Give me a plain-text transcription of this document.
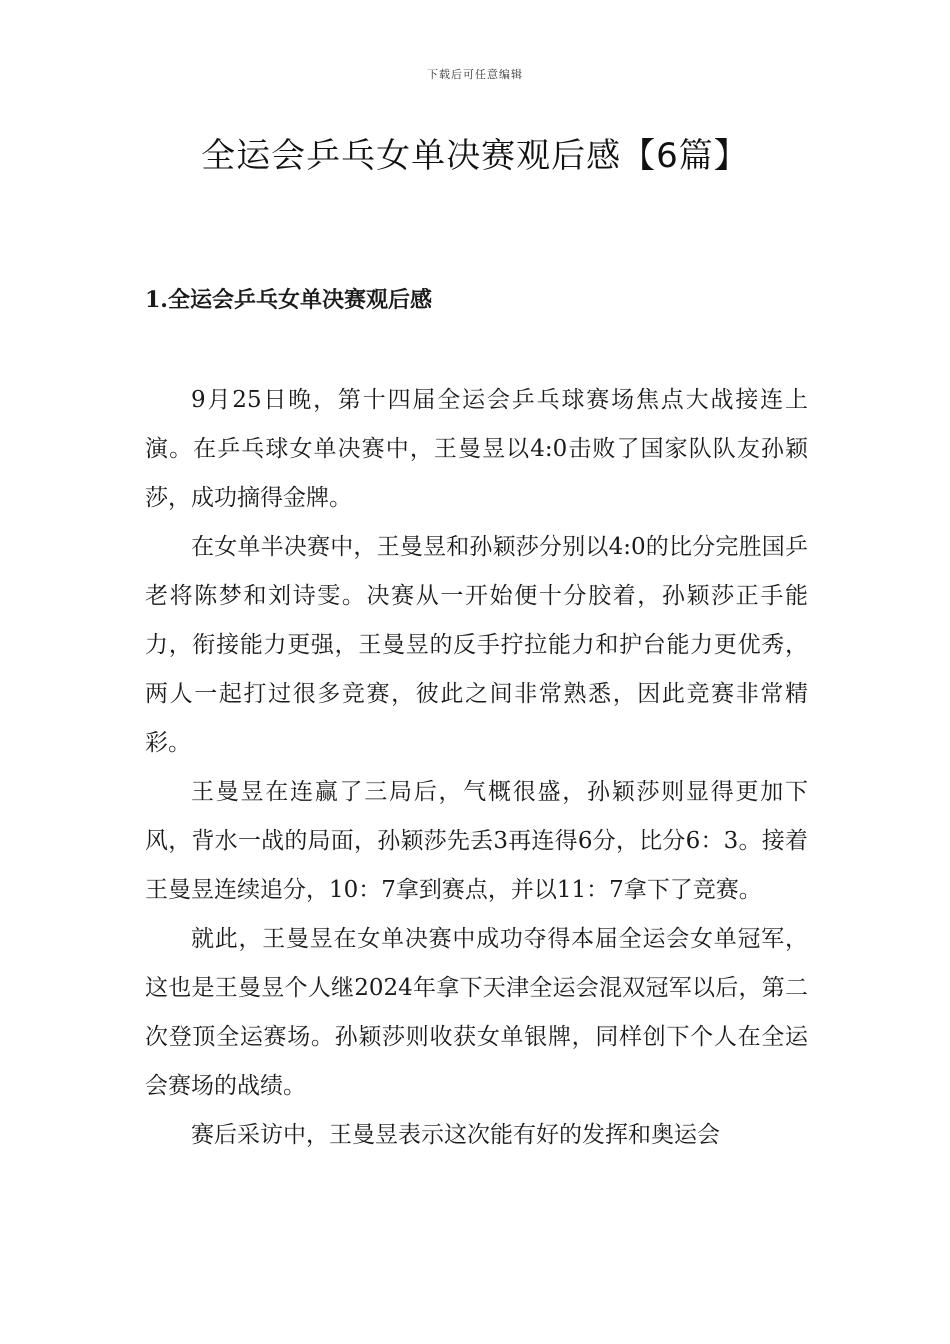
下载后可任意编辑
全运会乒乓女单决赛观后感【6篇】
1.全运会乒乓女单决赛观后感

9月25日晚，第十四届全运会乒乓球赛场焦点大战接连上演。在乒乓球女单决赛中，王曼昱以4:0击败了国家队队友孙颖莎，成功摘得金牌。

在女单半决赛中，王曼昱和孙颖莎分别以4:0的比分完胜国乒老将陈梦和刘诗雯。决赛从一开始便十分胶着，孙颖莎正手能力，衔接能力更强，王曼昱的反手拧拉能力和护台能力更优秀，两人一起打过很多竞赛，彼此之间非常熟悉，因此竞赛非常精彩。

王曼昱在连赢了三局后，气概很盛，孙颖莎则显得更加下风，背水一战的局面，孙颖莎先丢3再连得6分，比分6：3。接着王曼昱连续追分，10：7拿到赛点，并以11：7拿下了竞赛。

就此，王曼昱在女单决赛中成功夺得本届全运会女单冠军，这也是王曼昱个人继2024年拿下天津全运会混双冠军以后，第二次登顶全运赛场。孙颖莎则收获女单银牌，同样创下个人在全运会赛场的战绩。

赛后采访中，王曼昱表示这次能有好的发挥和奥运会
